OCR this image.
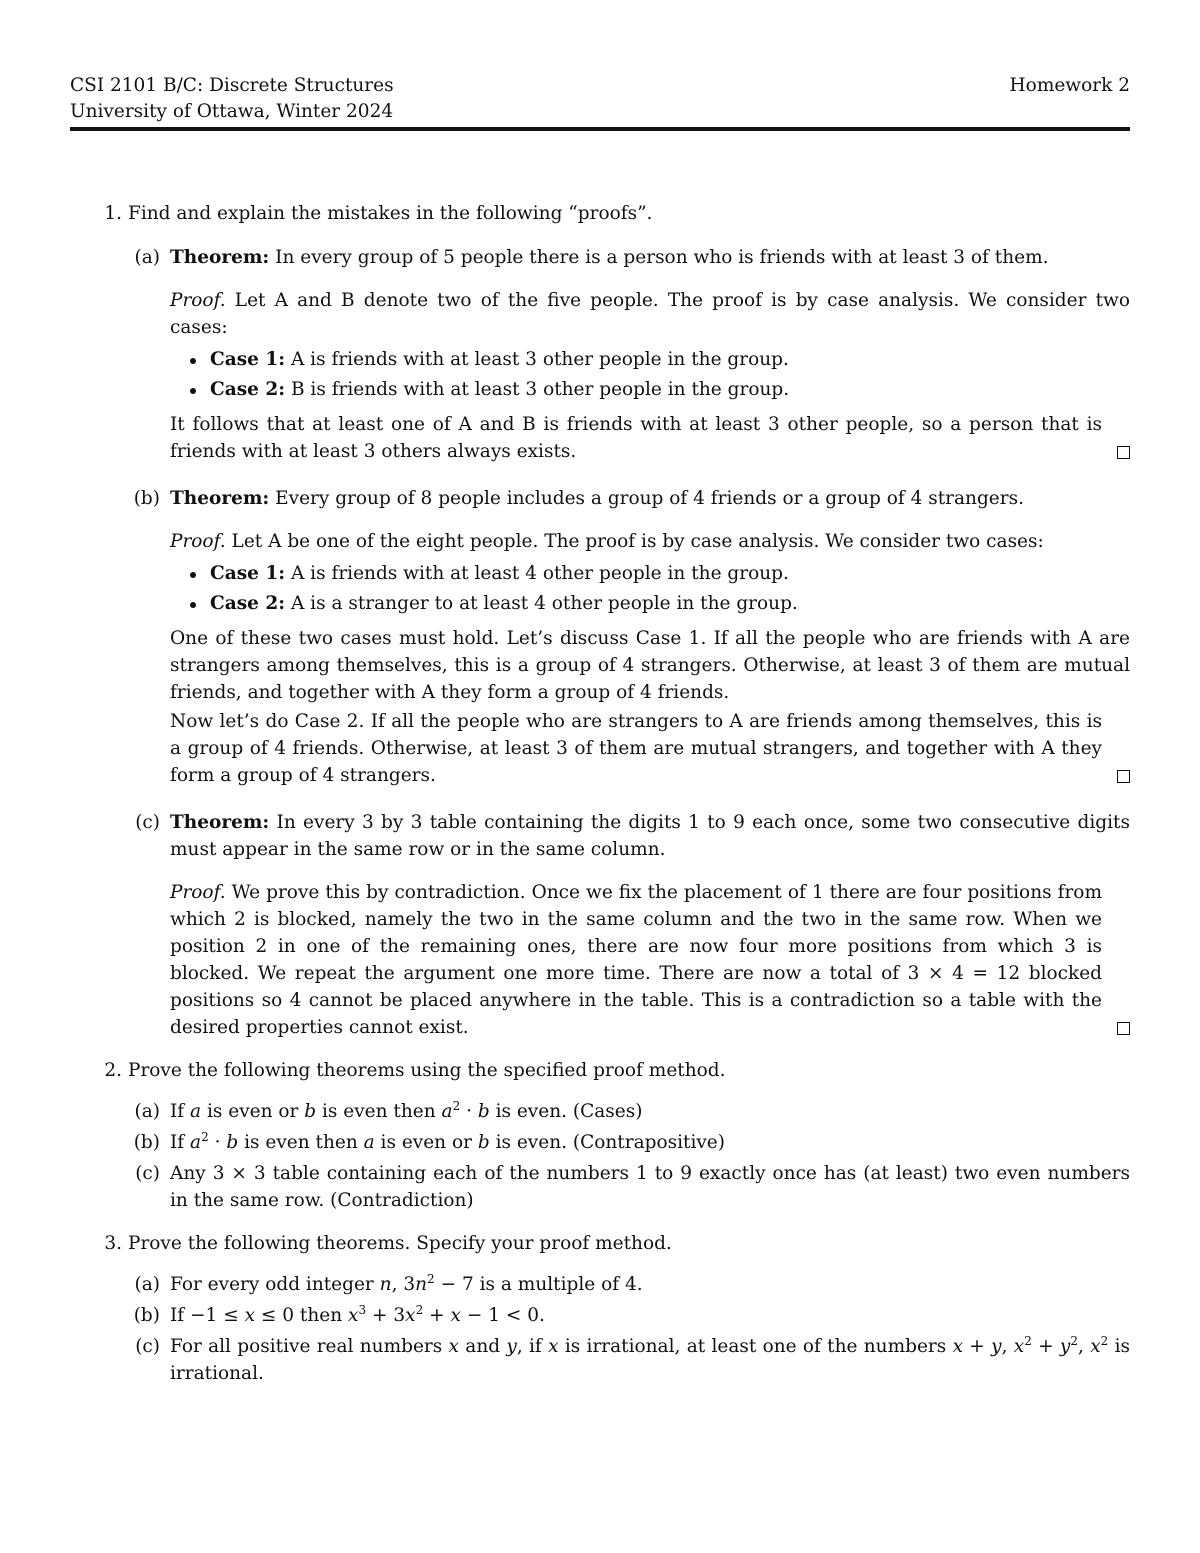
CSI 2101 B/C: Discrete Structures	Homework 2
University of Ottawa, Winter 2024
1. Find and explain the mistakes in the following “proofs”.
(a) Theorem: In every group of 5 people there is a person who is friends with at least 3 of them.
Proof. Let A and B denote two of the five people. The proof is by case analysis. We consider two cases:
Case 1: A is friends with at least 3 other people in the group.
Case 2: B is friends with at least 3 other people in the group.
It follows that at least one of A and B is friends with at least 3 other people, so a person that is friends with at least 3 others always exists.
(b) Theorem: Every group of 8 people includes a group of 4 friends or a group of 4 strangers.
Proof. Let A be one of the eight people. The proof is by case analysis. We consider two cases:
Case 1: A is friends with at least 4 other people in the group.
Case 2: A is a stranger to at least 4 other people in the group.
One of these two cases must hold. Let’s discuss Case 1. If all the people who are friends with A are strangers among themselves, this is a group of 4 strangers. Otherwise, at least 3 of them are mutual friends, and together with A they form a group of 4 friends.
Now let’s do Case 2. If all the people who are strangers to A are friends among themselves, this is a group of 4 friends. Otherwise, at least 3 of them are mutual strangers, and together with A they form a group of 4 strangers.
(c) Theorem: In every 3 by 3 table containing the digits 1 to 9 each once, some two consecutive digits must appear in the same row or in the same column.
Proof. We prove this by contradiction. Once we fix the placement of 1 there are four positions from which 2 is blocked, namely the two in the same column and the two in the same row. When we position 2 in one of the remaining ones, there are now four more positions from which 3 is blocked. We repeat the argument one more time. There are now a total of 3 × 4 = 12 blocked positions so 4 cannot be placed anywhere in the table. This is a contradiction so a table with the desired properties cannot exist.
2. Prove the following theorems using the specified proof method.
(a) If a is even or b is even then $a^2 \cdot b$ is even. (Cases)
(b) If $a^2 \cdot b$ is even then a is even or b is even. (Contrapositive)
(c) Any 3 × 3 table containing each of the numbers 1 to 9 exactly once has (at least) two even numbers in the same row. (Contradiction)
3. Prove the following theorems. Specify your proof method.
(a) For every odd integer n, $3n^2 - 7$ is a multiple of 4.
(b) If −1 ≤ x ≤ 0 then $x^3 + 3x^2 + x - 1 < 0$.
(c) For all positive real numbers x and y, if x is irrational, at least one of the numbers x + y, $x^2 + y^2$, $x^2$ is irrational.
